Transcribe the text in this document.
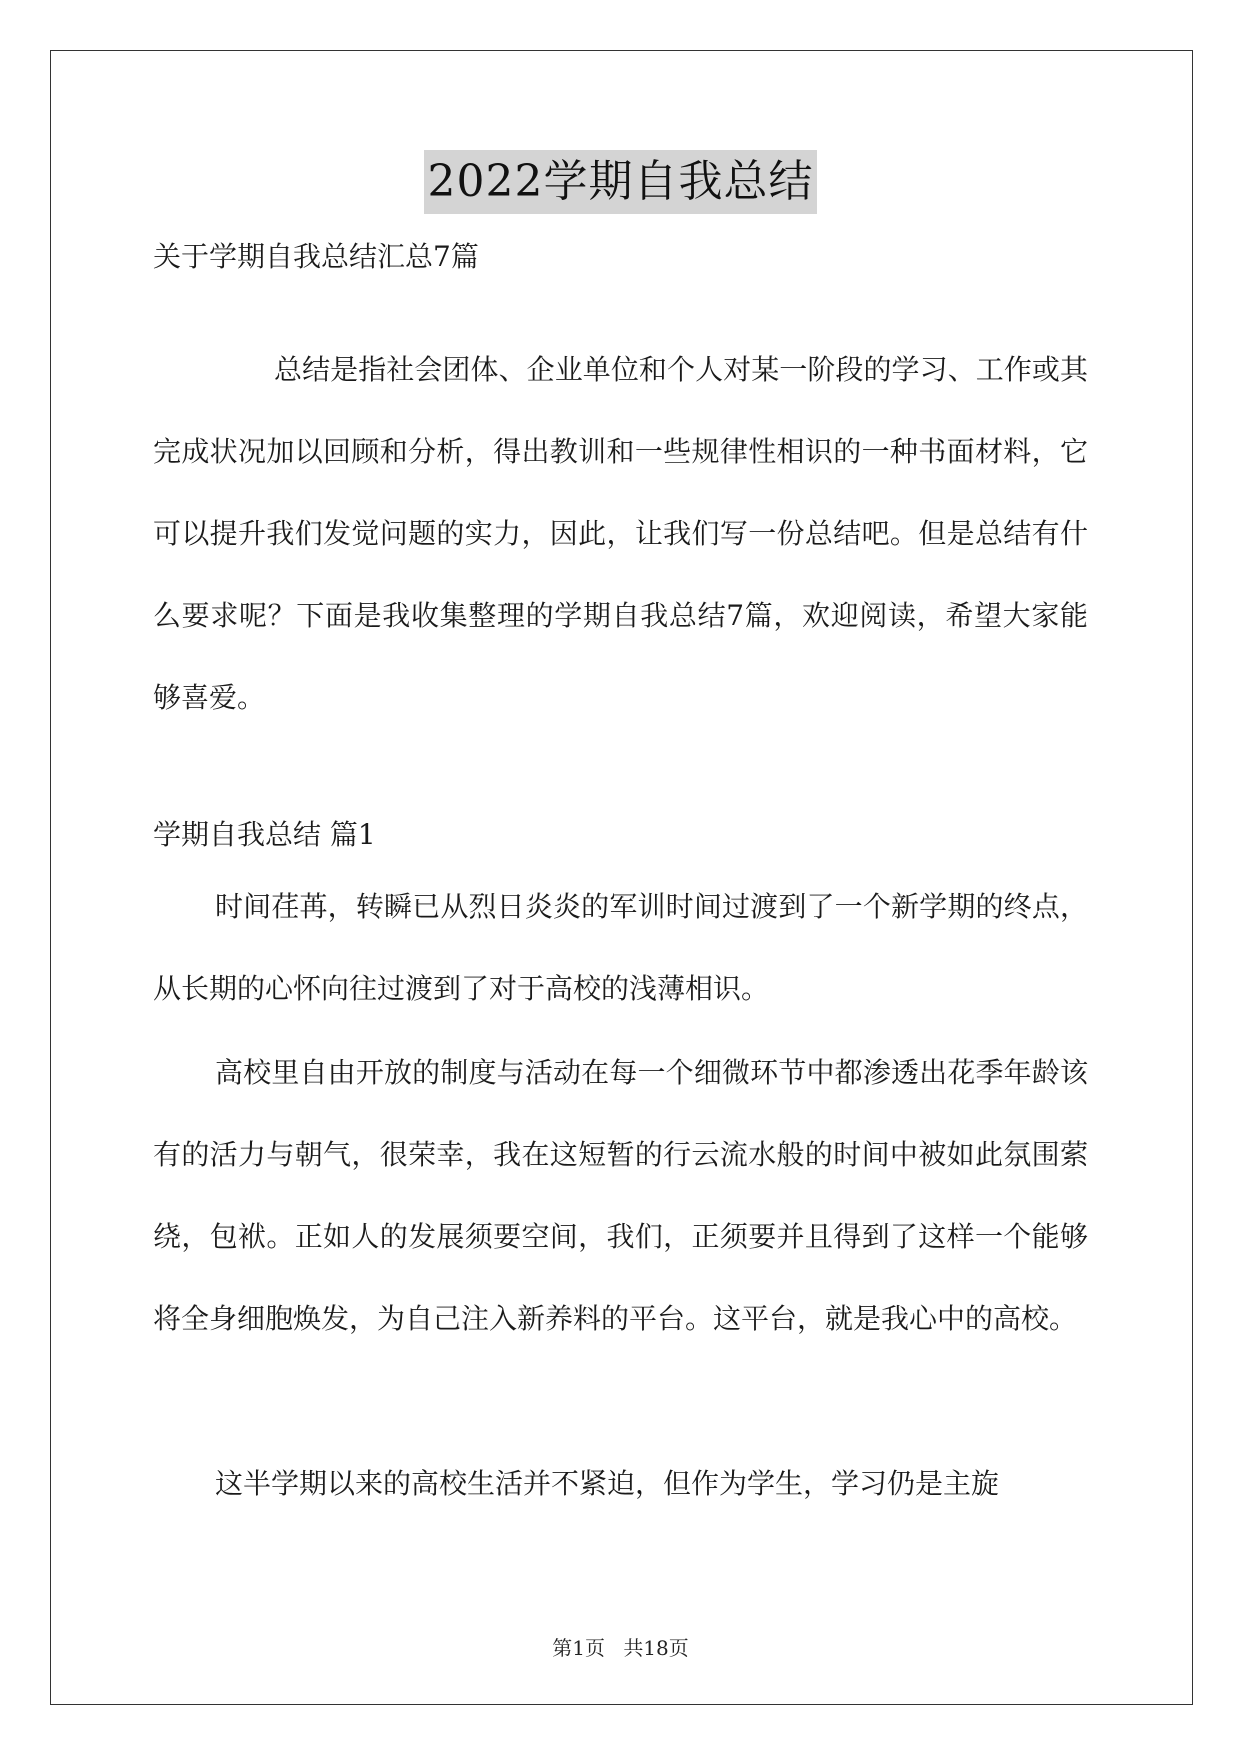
2022学期自我总结
关于学期自我总结汇总7篇
总结是指社会团体、企业单位和个人对某一阶段的学习、工作或其完成状况加以回顾和分析，得出教训和一些规律性相识的一种书面材料，它可以提升我们发觉问题的实力，因此，让我们写一份总结吧。但是总结有什么要求呢？下面是我收集整理的学期自我总结7篇，欢迎阅读，希望大家能够喜爱。
学期自我总结 篇1
时间荏苒，转瞬已从烈日炎炎的军训时间过渡到了一个新学期的终点，从长期的心怀向往过渡到了对于高校的浅薄相识。
高校里自由开放的制度与活动在每一个细微环节中都渗透出花季年龄该有的活力与朝气，很荣幸，我在这短暂的行云流水般的时间中被如此氛围萦绕，包袱。正如人的发展须要空间，我们，正须要并且得到了这样一个能够将全身细胞焕发，为自己注入新养料的平台。这平台，就是我心中的高校。
这半学期以来的高校生活并不紧迫，但作为学生，学习仍是主旋
第1页 共18页
